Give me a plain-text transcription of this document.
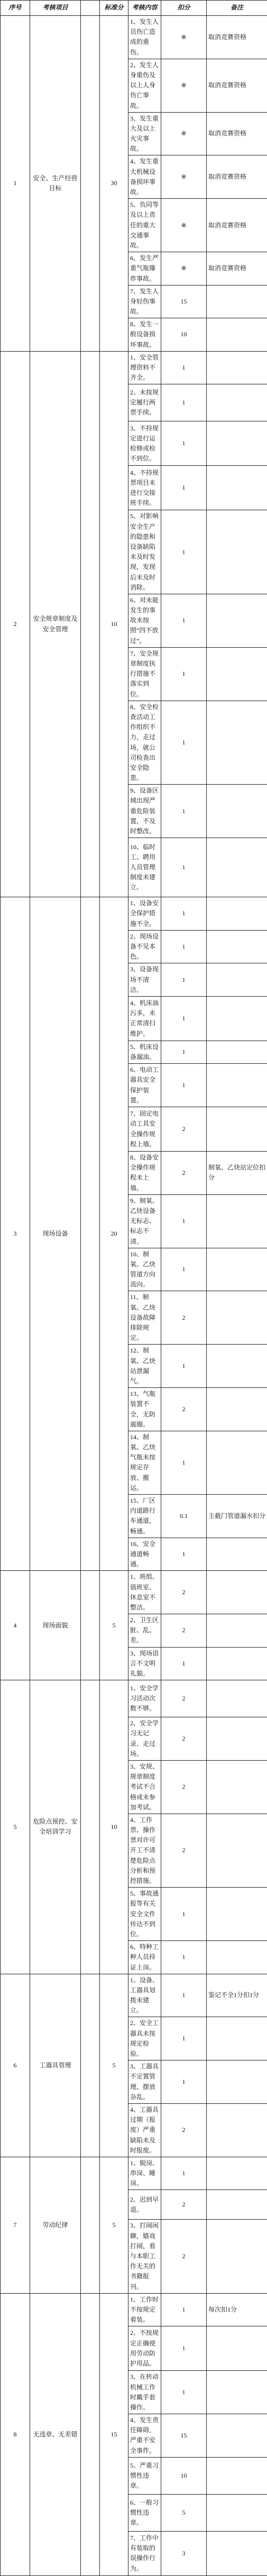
序号	考核项目		标准分	考核内容	扣分	备注
1	安全、生产经营目标		30	1、发生人员伤亡造成的重伤。	※	取消竞赛资格
				2、发生人身重伤及以上人身伤亡事故。	※	取消竞赛资格
				3、发生重大及以上火灾事故。	※	取消竞赛资格
				4、发生重大机械设备损坏事故。	※	取消竞赛资格
				5、负同等及以上责任的重大交通事故。	※	取消竞赛资格
				6、发生严重气瓶爆炸事故。	※	取消竞赛资格
				7、发生人身轻伤事故。	15	
				8、发生一般设备损坏事故。	10	
2	安全规章制度及安全管理		10	1、安全管理资料不齐全。	1	
				2、未按规定履行两票手续。	1	
				3、不持规定进行运检修或检不到位。	1	
				4、不持规票项目未进行交接班手续。	1	
				5、对影响安全生产的隐患和设备缺陷未及时发现，发现后未及时消除。	1	
				6、对未能发生的事故未按照“四不放过”。	1	
				7、安全规章制度执行措施不落实到位。	1	
				8、安全检查活动工作组织不力，走过场，就公司检查出安全隐患。	1	
				9、设备区域出现严重危险装置，不及时整改。	1	
				10、临时工、聘用人员管理制度未建立。	1	
3	现场设备		20	1、设备安全保护措施不全。	1	
				2、现场设备不见本色。	1	
				3、设备现场不清洁。	1	
				4、机床油污多，未正常清扫维护。	1	
				5、机床设备漏油。	1	
				6、电动工器具安全保护装置。	1	
				7、固定电动工具安全操作规程上墙。	2	
				8、设备安全操作规程未上墙。	2	制氧、乙炔站定位扣分
				9、制氧、乙炔设备无标志、标志不清。	1	
				10、制氧、乙炔管道方向流向。	1	
				11、制氧、乙炔设备故障排除规定。	2	
				12、制氧、乙炔站泄漏气。	1	
				13、气瓶装置不全，无防震圈。	2	
				14、制氧、乙炔气瓶未按规定存放、搬运。	1	
				15、厂区内道路行车通道，畅通。	0.1	主截门管道漏水扣分
				16、安全通道畅通。	1	
4	现场面貌		5	1、班组、值班室、休息室不整洁。	2	
				2、卫生区脏、乱、差。	2	
				3、现场语言不文明礼貌。	1	
5	危险点预控、安全培训学习		10	1、安全学习活动次数不够。	2	
				2、安全学习无记录、走过场。	2	
				3、安规、规章制度考试不合格或未参加考试。	2	
				4、工作票、操作票对许可开工不清楚危险点分析和预控措施。	2	
				5、事故通报等有关安全文件传达不到位。	1	
				6、特种工种人员持证上岗。	1	
6	工器具管理		5	1、设备、工器具划拨未建立。	1	鉴记不全1分扣1分
				2、安全工器具未按规定检验。	1	
				3、工器具不定置管理、摆放杂乱。	1	
				4、工器具过期（报废）严重缺陷未及时报废。	2	
7	劳动纪律		5	1、脱岗、串岗、睡岗。	1	
				2、迟到早退。	2	
				3、打闹闲聊，嬉戏打闹，看与本职工作无关的书籍报刊。	2	
8	无违章、无差错		15	1、工作时不按规定着装。	1	每次扣1分
				2、不按规定正确使用劳动防护用品。	1	
				3、在转动机械工作时戴手套操作。	1	
				4、发生责任障碍，严重不安全事件。	15	
				5、严重习惯性违章。	10	
				6、一般习惯性违章。	5	
				7、工作中有装取的误操作行为。	3	
